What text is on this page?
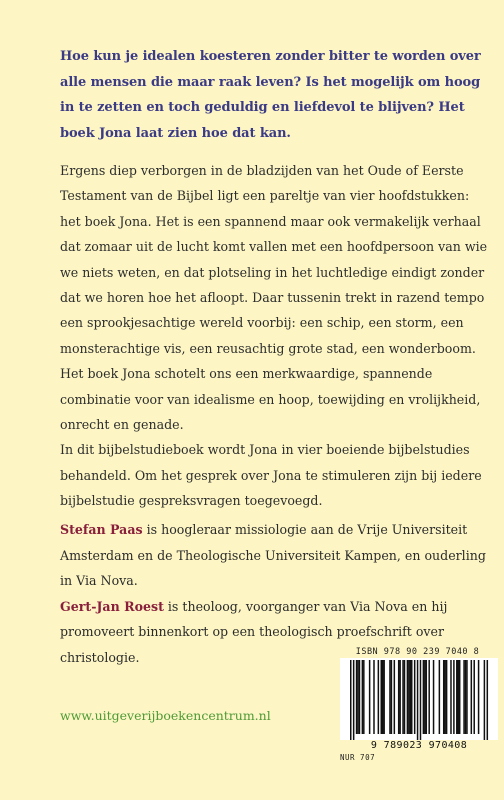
Hoe kun je idealen koesteren zonder bitter te worden over alle mensen die maar raak leven? Is het mogelijk om hoog in te zetten en toch geduldig en liefdevol te blijven? Het boek Jona laat zien hoe dat kan.

Ergens diep verborgen in de bladzijden van het Oude of Eerste Testament van de Bijbel ligt een pareltje van vier hoofdstukken: het boek Jona. Het is een spannend maar ook vermakelijk verhaal dat zomaar uit de lucht komt vallen met een hoofdpersoon van wie we niets weten, en dat plotseling in het luchtledige eindigt zonder dat we horen hoe het afloopt. Daar tussenin trekt in razend tempo een sprookjesachtige wereld voorbij: een schip, een storm, een monsterachtige vis, een reusachtig grote stad, een wonderboom. Het boek Jona schotelt ons een merkwaardige, spannende combinatie voor van idealisme en hoop, toewijding en vrolijkheid, onrecht en genade.

In dit bijbelstudieboek wordt Jona in vier boeiende bijbelstudies behandeld. Om het gesprek over Jona te stimuleren zijn bij iedere bijbelstudie gespreksvragen toegevoegd.

Stefan Paas is hoogleraar missiologie aan de Vrije Universiteit Amsterdam en de Theologische Universiteit Kampen, en ouderling in Via Nova.

Gert-Jan Roest is theoloog, voorganger van Via Nova en hij promoveert binnenkort op een theologisch proefschrift over christologie.

www.uitgeverijboekencentrum.nl
ISBN 978 90 239 7040 8
9 789023 970408
NUR 707
